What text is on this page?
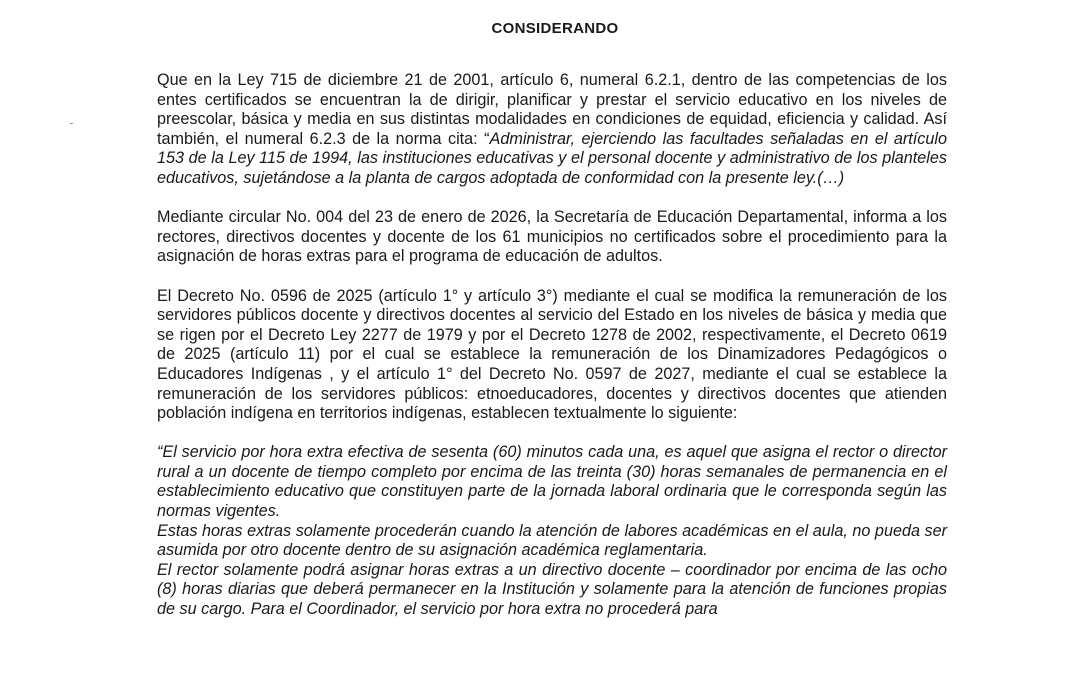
CONSIDERANDO

Que en la Ley 715 de diciembre 21 de 2001, artículo 6, numeral 6.2.1, dentro de las competencias de los entes certificados se encuentran la de dirigir, planificar y prestar el servicio educativo en los niveles de preescolar, básica y media en sus distintas modalidades en condiciones de equidad, eficiencia y calidad. Así también, el numeral 6.2.3 de la norma cita: “Administrar, ejerciendo las facultades señaladas en el artículo 153 de la Ley 115 de 1994, las instituciones educativas y el personal docente y administrativo de los planteles educativos, sujetándose a la planta de cargos adoptada de conformidad con la presente ley.(…)

Mediante circular No. 004 del 23 de enero de 2026, la Secretaría de Educación Departamental, informa a los rectores, directivos docentes y docente de los 61 municipios no certificados sobre el procedimiento para la asignación de horas extras para el programa de educación de adultos.

El Decreto No. 0596 de 2025 (artículo 1° y artículo 3°) mediante el cual se modifica la remuneración de los servidores públicos docente y directivos docentes al servicio del Estado en los niveles de básica y media que se rigen por el Decreto Ley 2277 de 1979 y por el Decreto 1278 de 2002, respectivamente, el Decreto 0619 de 2025 (artículo 11) por el cual se establece la remuneración de los Dinamizadores Pedagógicos o Educadores Indígenas , y el artículo 1° del Decreto No. 0597 de 2027, mediante el cual se establece la remuneración de los servidores públicos: etnoeducadores, docentes y directivos docentes que atienden población indígena en territorios indígenas, establecen textualmente lo siguiente:

“El servicio por hora extra efectiva de sesenta (60) minutos cada una, es aquel que asigna el rector o director rural a un docente de tiempo completo por encima de las treinta (30) horas semanales de permanencia en el establecimiento educativo que constituyen parte de la jornada laboral ordinaria que le corresponda según las normas vigentes.

Estas horas extras solamente procederán cuando la atención de labores académicas en el aula, no pueda ser asumida por otro docente dentro de su asignación académica reglamentaria.

El rector solamente podrá asignar horas extras a un directivo docente – coordinador por encima de las ocho (8) horas diarias que deberá permanecer en la Institución y solamente para la atención de funciones propias de su cargo. Para el Coordinador, el servicio por hora extra no procederá para
